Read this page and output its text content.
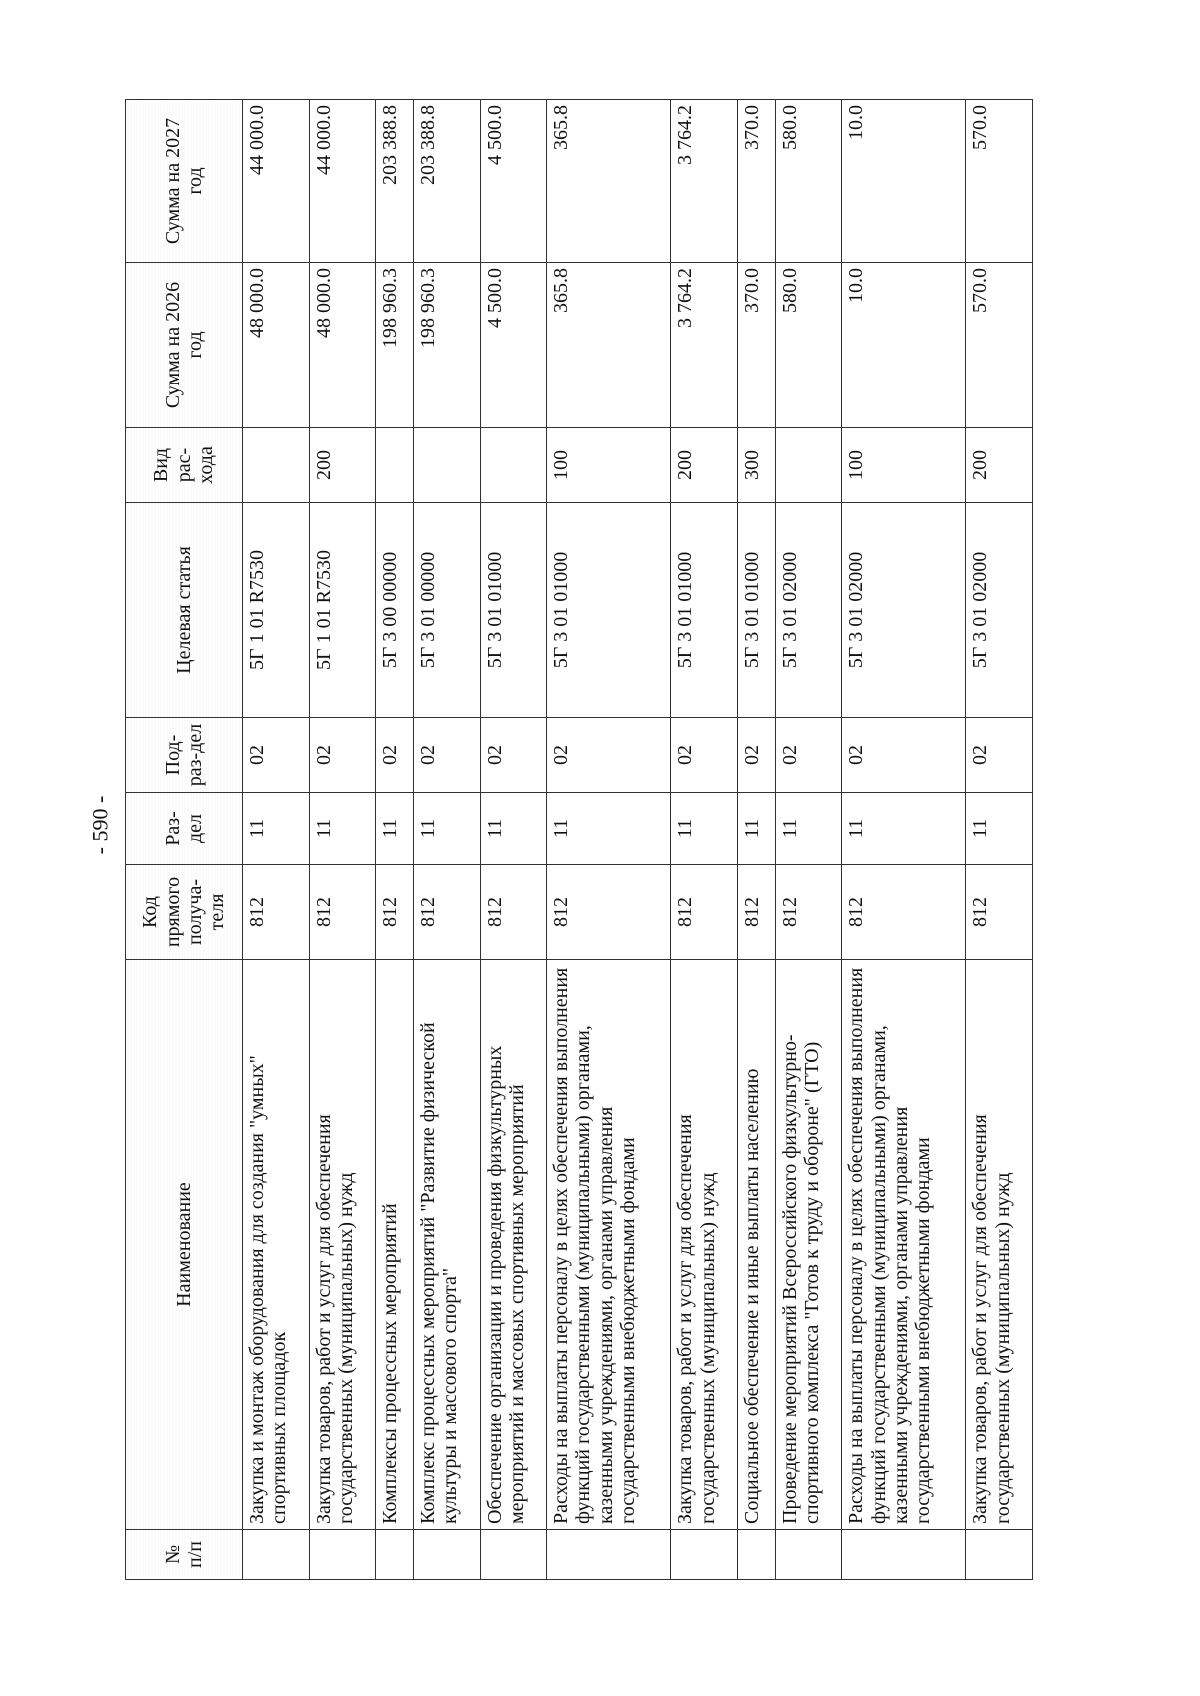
- 590 -
№ п/п	Наименование	Код прямого получа-теля	Раз-дел	Под-раз-дел	Целевая статья	Вид рас-хода	Сумма на 2026 год	Сумма на 2027 год
	Закупка и монтаж оборудования для создания "умных" спортивных площадок	812	11	02	5Г 1 01 R7530		48 000.0	44 000.0
	Закупка товаров, работ и услуг для обеспечения государственных (муниципальных) нужд	812	11	02	5Г 1 01 R7530	200	48 000.0	44 000.0
	Комплексы процессных мероприятий	812	11	02	5Г 3 00 00000		198 960.3	203 388.8
	Комплекс процессных мероприятий "Развитие физической культуры и массового спорта"	812	11	02	5Г 3 01 00000		198 960.3	203 388.8
	Обеспечение организации и проведения физкультурных мероприятий и массовых спортивных мероприятий	812	11	02	5Г 3 01 01000		4 500.0	4 500.0
	Расходы на выплаты персоналу в целях обеспечения выполнения функций государственными (муниципальными) органами, казенными учреждениями, органами управления государственными внебюджетными фондами	812	11	02	5Г 3 01 01000	100	365.8	365.8
	Закупка товаров, работ и услуг для обеспечения государственных (муниципальных) нужд	812	11	02	5Г 3 01 01000	200	3 764.2	3 764.2
	Социальное обеспечение и иные выплаты населению	812	11	02	5Г 3 01 01000	300	370.0	370.0
	Проведение мероприятий Всероссийского физкультурно-спортивного комплекса "Готов к труду и обороне" (ГТО)	812	11	02	5Г 3 01 02000		580.0	580.0
	Расходы на выплаты персоналу в целях обеспечения выполнения функций государственными (муниципальными) органами, казенными учреждениями, органами управления государственными внебюджетными фондами	812	11	02	5Г 3 01 02000	100	10.0	10.0
	Закупка товаров, работ и услуг для обеспечения государственных (муниципальных) нужд	812	11	02	5Г 3 01 02000	200	570.0	570.0
